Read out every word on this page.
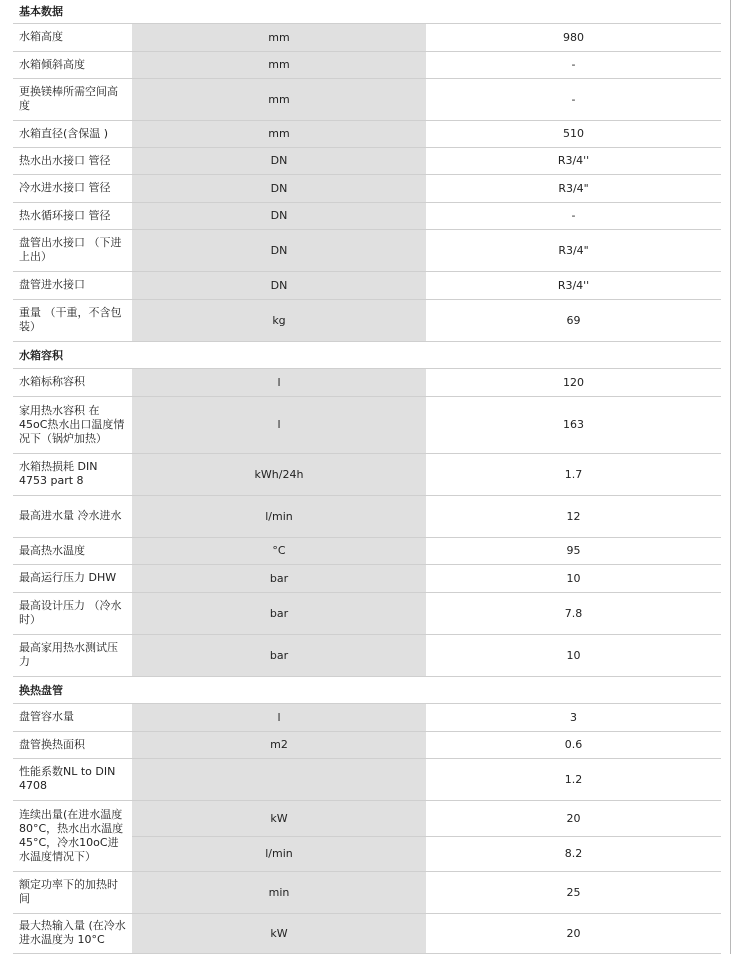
基本数据		
水箱高度	mm	980
水箱倾斜高度	mm	-
更换镁棒所需空间高度	mm	-
水箱直径(含保温 )	mm	510
热水出水接口 管径	DN	R3/4''
冷水进水接口 管径	DN	R3/4"
热水循环接口 管径	DN	-
盘管出水接口 （下进上出）	DN	R3/4"
盘管进水接口	DN	R3/4''
重量 （干重，不含包装）	kg	69
水箱容积		
水箱标称容积	l	120
家用热水容积 在45oC热水出口温度情况下（锅炉加热）	l	163
水箱热损耗 DIN 4753 part 8	kWh/24h	1.7
最高进水量 冷水进水	l/min	12
最高热水温度	°C	95
最高运行压力 DHW	bar	10
最高设计压力 （冷水时）	bar	7.8
最高家用热水测试压力	bar	10
换热盘管		
盘管容水量	l	3
盘管换热面积	m2	0.6
性能系数NL to DIN 4708		1.2
连续出量(在进水温度80°C，热水出水温度45°C，冷水10oC进水温度情况下）	kW	20
	l/min	8.2
额定功率下的加热时间	min	25
最大热输入量 (在冷水进水温度为 10°C	kW	20
